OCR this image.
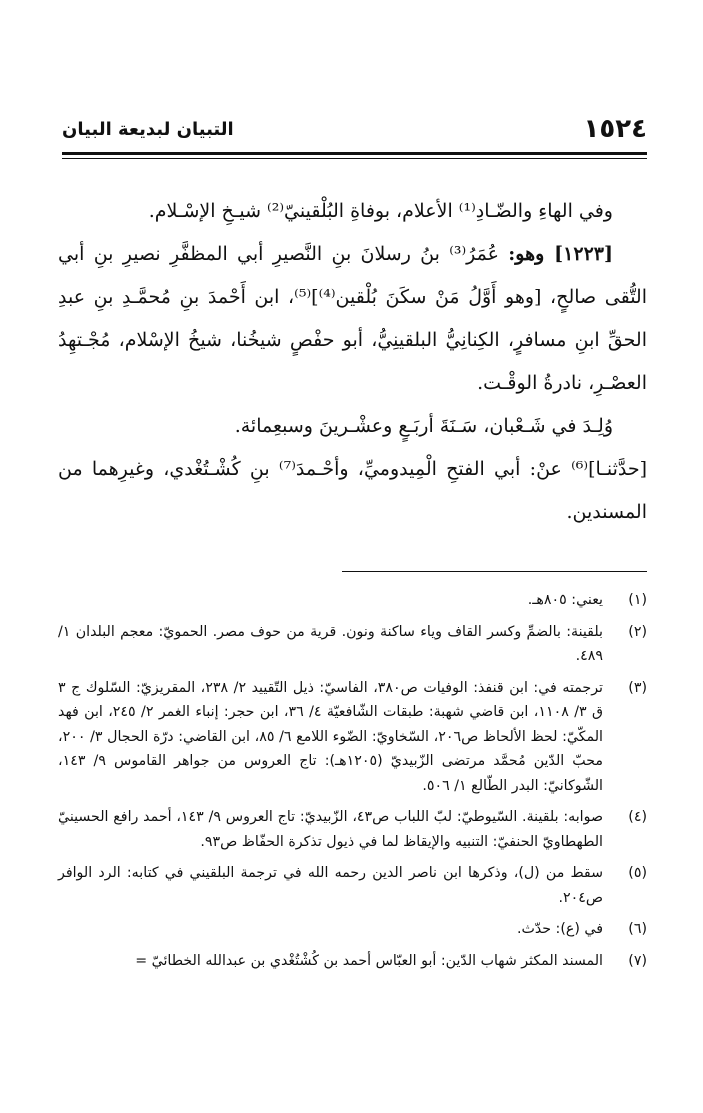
١٥٢٤
التبيان لبديعة البيان

وفي الهاءِ والضّـادِ⁽¹⁾ الأعلام، بوفاةِ البُلْقينيّ⁽²⁾ شيـخِ الإسْـلام.

[١٢٢٣] وهو: عُمَرُ⁽³⁾ بنُ رسلانَ بنِ النَّصيرِ أبي المظفَّرِ نصيرِ بنِ أبي التُّقى صالحٍ، [وهو أَوَّلُ مَنْ سكَنَ بُلْقين⁽⁴⁾]⁽⁵⁾، ابن أَحْمدَ بنِ مُحمَّـدِ بنِ عبدِ الحقِّ ابنِ مسافرٍ، الكِنانِيُّ البلقينِيُّ، أبو حفْصٍ شيخُنا، شيخُ الإسْلام، مُجْـتهِدُ العصْـرِ، نادرةُ الوقْـت.

وُلِـدَ في شَـعْبان، سَـنَةَ أربَـعٍ وعشْـرينَ وسبعِمائة.

[حدَّثنـا]⁽⁶⁾ عنْ: أبي الفتحِ الْمِيدوميِّ، وأحْـمدَ⁽⁷⁾ بنِ كُشْـتُغْدي، وغيرِهما من المسندين.

(١)
يعني: ٨٠٥هـ.
(٢)
بلقينة: بالضمِّ وكسر القاف وياء ساكنة ونون. قرية من حوف مصر. الحمويّ: معجم البلدان ١/ ٤٨٩.
(٣)
ترجمته في: ابن قنفذ: الوفيات ص٣٨٠، الفاسيّ: ذيل التّقييد ٢/ ٢٣٨، المقريزيّ: السّلوك ج ٣ ق ٣/ ١١٠٨، ابن قاضي شهبة: طبقات الشّافعيّة ٤/ ٣٦، ابن حجر: إنباء الغمر ٢/ ٢٤٥، ابن فهد المكّيّ: لحظ الألحاظ ص٢٠٦، السّخاويّ: الضّوء اللامع ٦/ ٨٥، ابن القاضي: درّة الحجال ٣/ ٢٠٠، محبّ الدّين مُحمَّد مرتضى الزّبيديّ (١٢٠٥هـ): تاج العروس من جواهر القاموس ٩/ ١٤٣، الشّوكانيّ: البدر الطّالع ١/ ٥٠٦.
(٤)
صوابه: بلقينة. السّيوطيّ: لبّ اللباب ص٤٣، الزّبيديّ: تاج العروس ٩/ ١٤٣، أحمد رافع الحسينيّ الطهطاويّ الحنفيّ: التنبيه والإيقاظ لما في ذيول تذكرة الحفّاظ ص٩٣.
(٥)
سقط من (ل)، وذكرها ابن ناصر الدين رحمه الله في ترجمة البلقيني في كتابه: الرد الوافر ص٢٠٤.
(٦)
في (ع): حدّث.
(٧)
المسند المكثر شهاب الدّين: أبو العبّاس أحمد بن كُشْتُغْدي بن عبدالله الخطائيّ =
